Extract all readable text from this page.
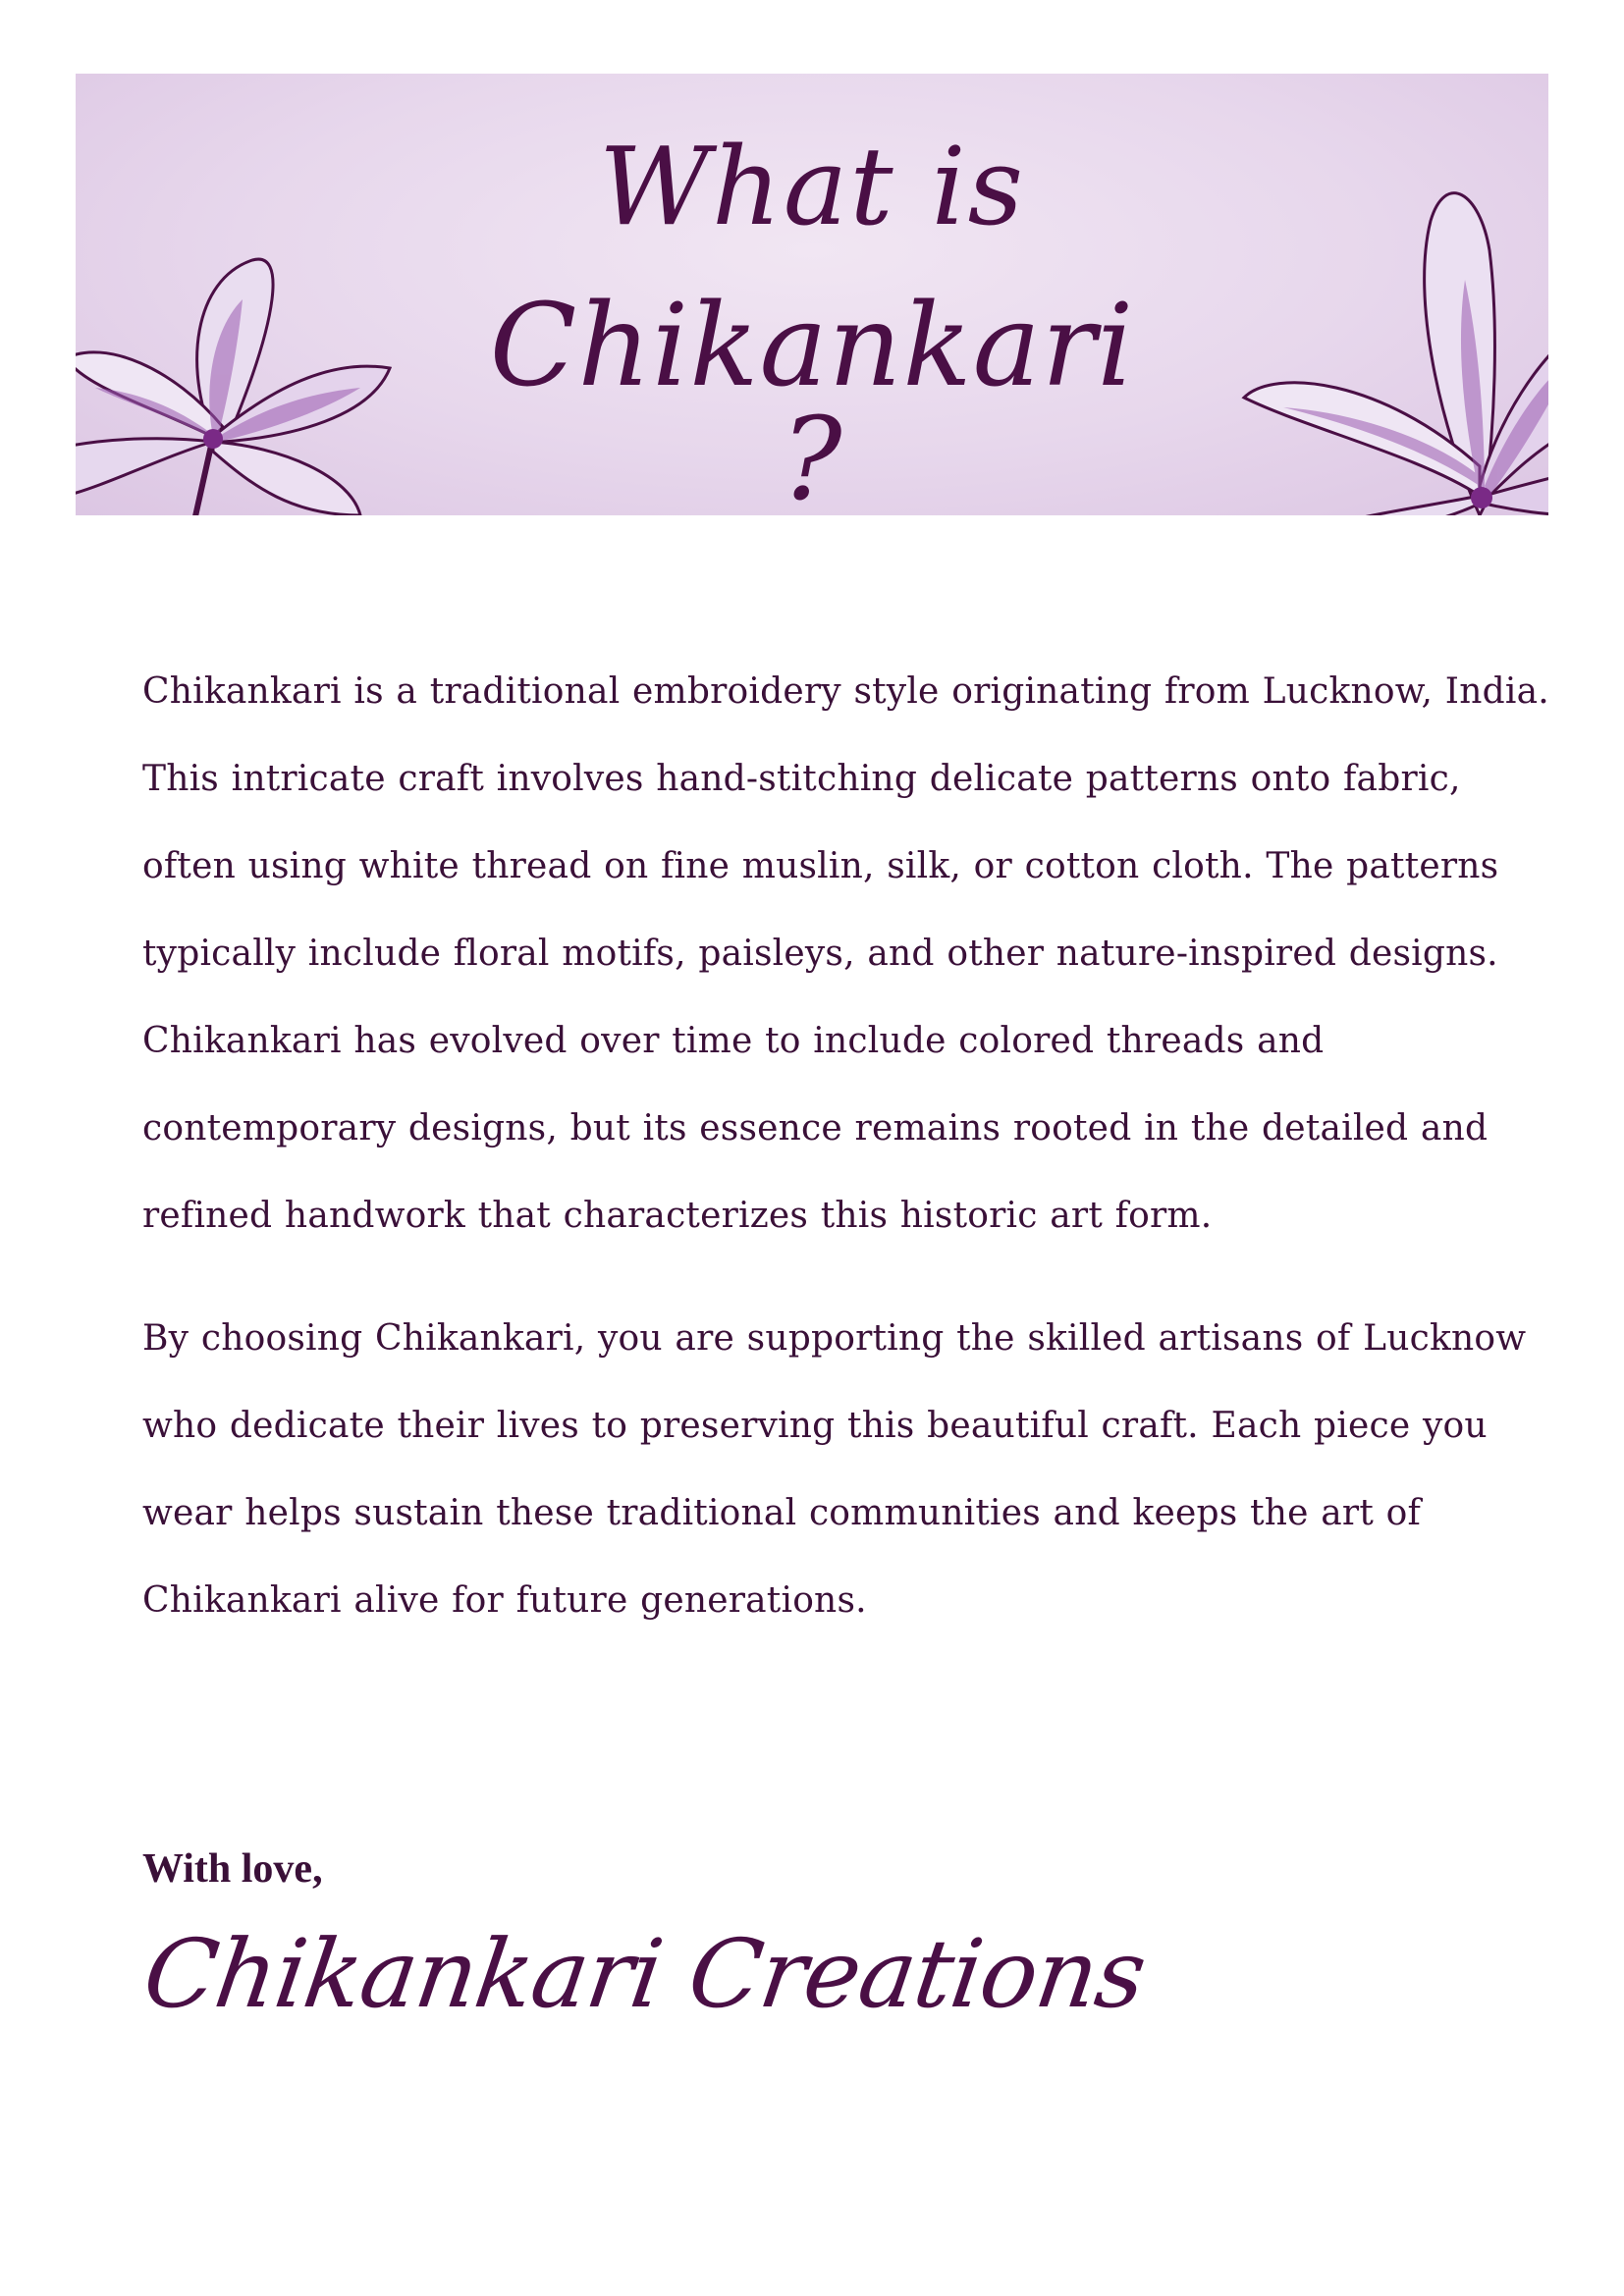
What is
Chikankari ?

Chikankari is a traditional embroidery style originating from Lucknow, India. This intricate craft involves hand-stitching delicate patterns onto fabric, often using white thread on fine muslin, silk, or cotton cloth. The patterns typically include floral motifs, paisleys, and other nature-inspired designs. Chikankari has evolved over time to include colored threads and contemporary designs, but its essence remains rooted in the detailed and refined handwork that characterizes this historic art form.

By choosing Chikankari, you are supporting the skilled artisans of Lucknow who dedicate their lives to preserving this beautiful craft. Each piece you wear helps sustain these traditional communities and keeps the art of Chikankari alive for future generations.

With love,
Chikankari Creations
